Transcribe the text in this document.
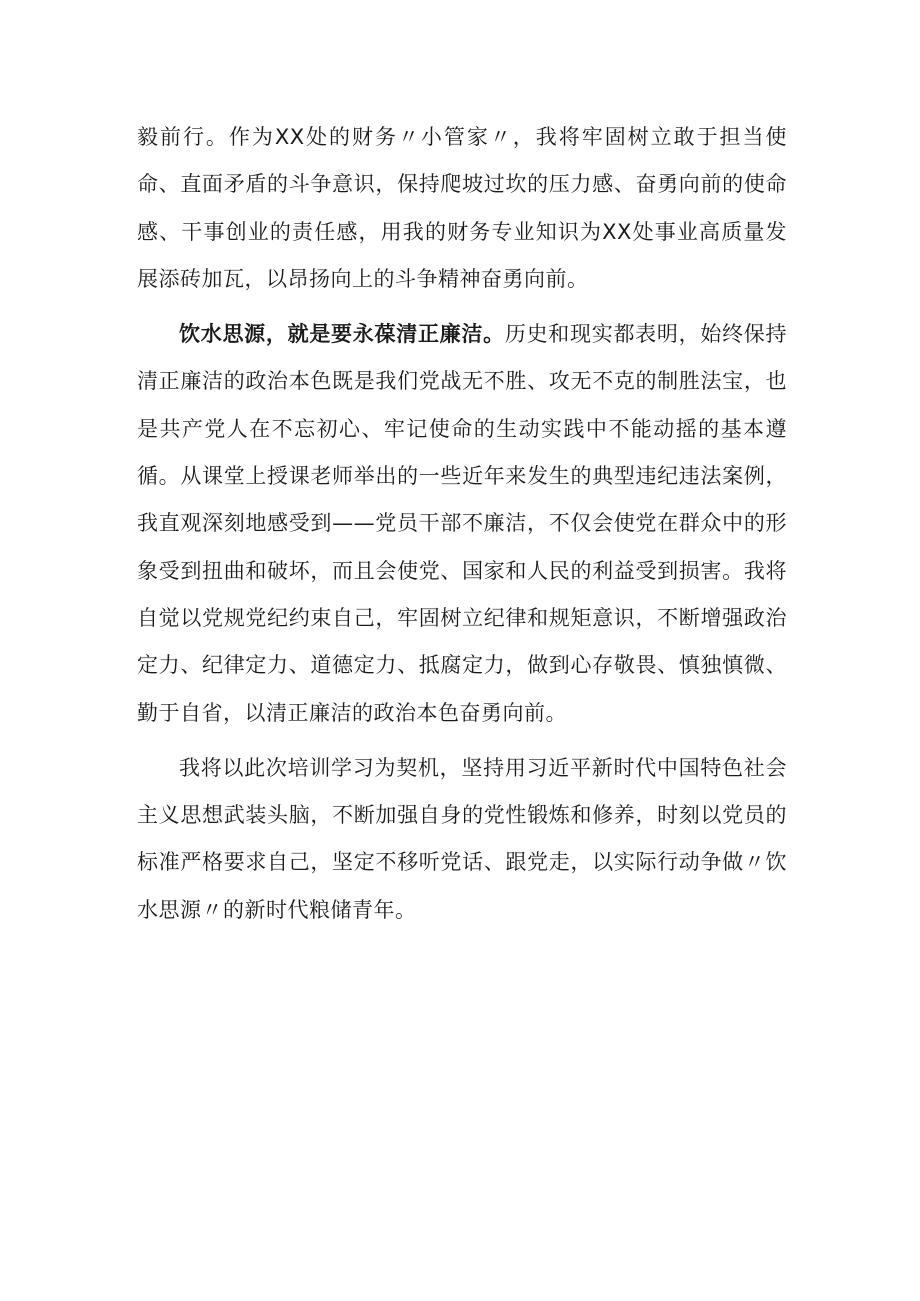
毅前行。作为XX处的财务〃小管家〃，我将牢固树立敢于担当使命、直面矛盾的斗争意识，保持爬坡过坎的压力感、奋勇向前的使命感、干事创业的责任感，用我的财务专业知识为XX处事业高质量发展添砖加瓦，以昂扬向上的斗争精神奋勇向前。

饮水思源，就是要永葆清正廉洁。历史和现实都表明，始终保持清正廉洁的政治本色既是我们党战无不胜、攻无不克的制胜法宝，也是共产党人在不忘初心、牢记使命的生动实践中不能动摇的基本遵循。从课堂上授课老师举出的一些近年来发生的典型违纪违法案例，我直观深刻地感受到——党员干部不廉洁，不仅会使党在群众中的形象受到扭曲和破坏，而且会使党、国家和人民的利益受到损害。我将自觉以党规党纪约束自己，牢固树立纪律和规矩意识，不断增强政治定力、纪律定力、道德定力、抵腐定力，做到心存敬畏、慎独慎微、勤于自省，以清正廉洁的政治本色奋勇向前。

我将以此次培训学习为契机，坚持用习近平新时代中国特色社会主义思想武装头脑，不断加强自身的党性锻炼和修养，时刻以党员的标准严格要求自己，坚定不移听党话、跟党走，以实际行动争做〃饮水思源〃的新时代粮储青年。
